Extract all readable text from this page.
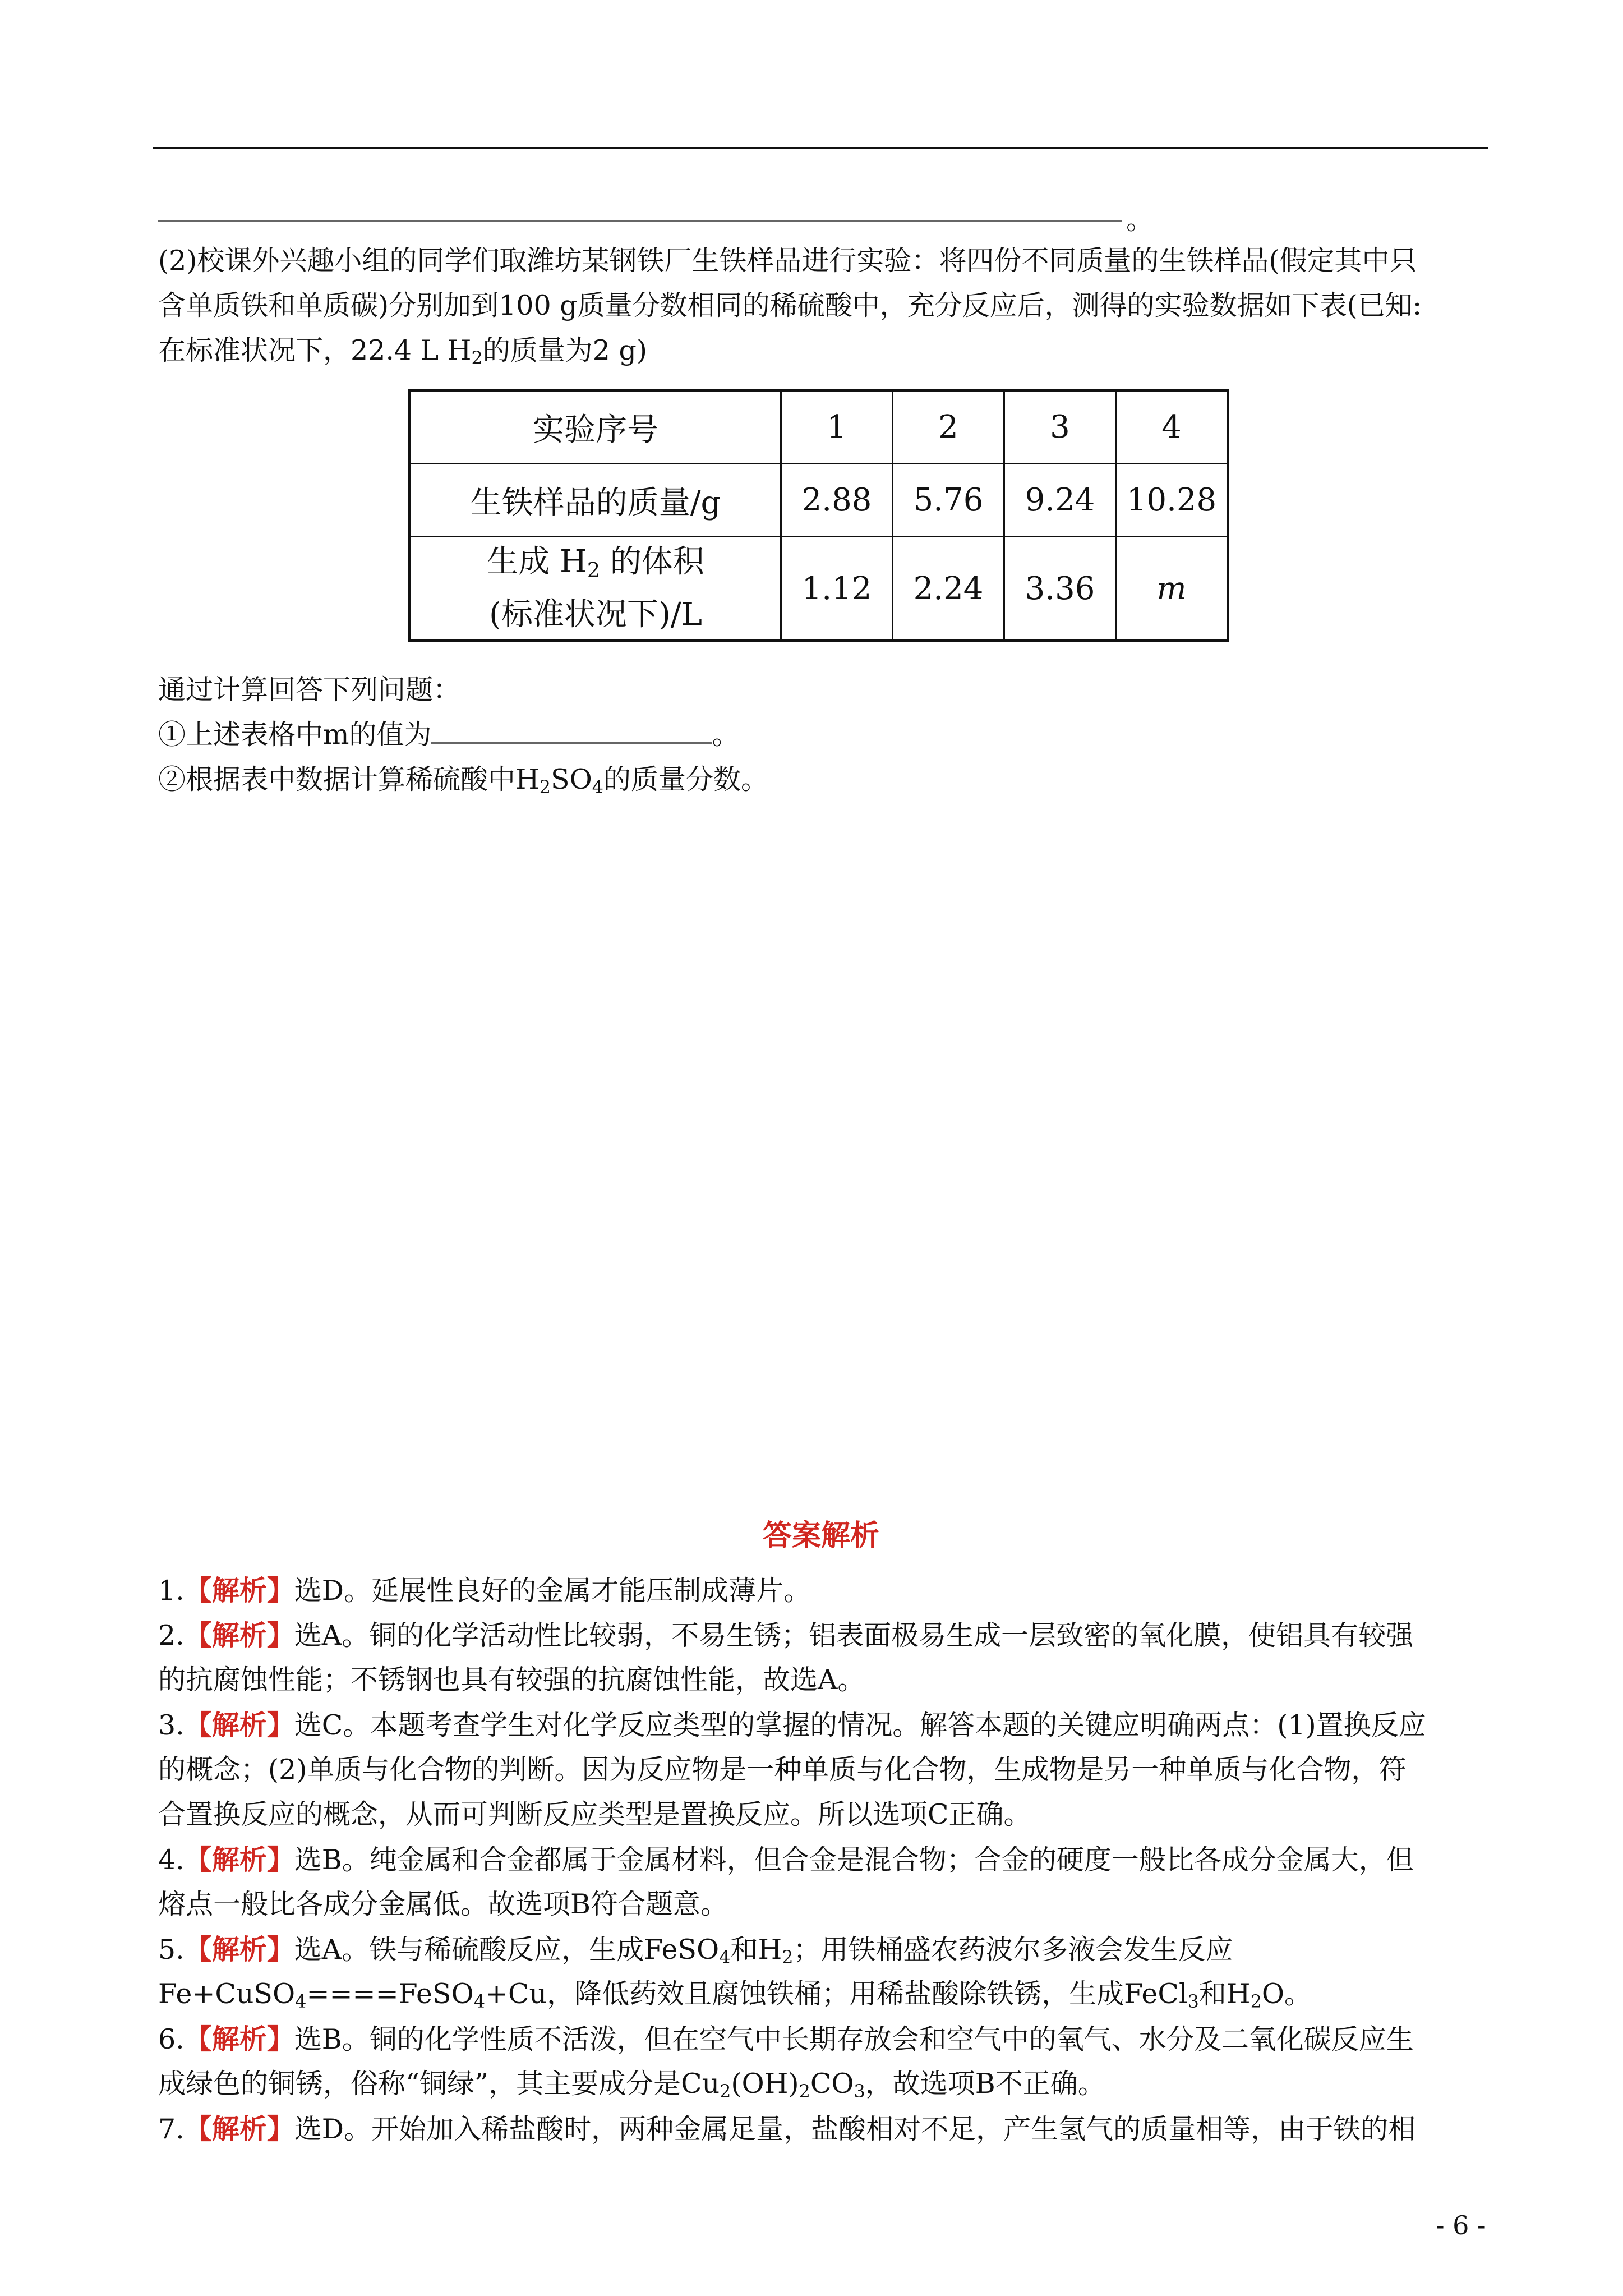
。
(2)校课外兴趣小组的同学们取潍坊某钢铁厂生铁样品进行实验：将四份不同质量的生铁样品(假定其中只
含单质铁和单质碳)分别加到100 g质量分数相同的稀硫酸中，充分反应后，测得的实验数据如下表(已知:
在标准状况下，22.4 L $H_2$的质量为2 g)
实验序号	1	2	3	4
生铁样品的质量/g	2.88	5.76	9.24	10.28
生成 $H_2$ 的体积
(标准状况下)/L	1.12	2.24	3.36	m
通过计算回答下列问题：
①上述表格中m的值为	。
②根据表中数据计算稀硫酸中$H_2SO_4$的质量分数。
答案解析
1.【解析】选D。延展性良好的金属才能压制成薄片。
2.【解析】选A。铜的化学活动性比较弱，不易生锈；铝表面极易生成一层致密的氧化膜，使铝具有较强
的抗腐蚀性能；不锈钢也具有较强的抗腐蚀性能，故选A。
3.【解析】选C。本题考查学生对化学反应类型的掌握的情况。解答本题的关键应明确两点：(1)置换反应
的概念；(2)单质与化合物的判断。因为反应物是一种单质与化合物，生成物是另一种单质与化合物，符
合置换反应的概念，从而可判断反应类型是置换反应。所以选项C正确。
4.【解析】选B。纯金属和合金都属于金属材料，但合金是混合物；合金的硬度一般比各成分金属大，但
熔点一般比各成分金属低。故选项B符合题意。
5.【解析】选A。铁与稀硫酸反应，生成FeSO$_4$和$H_2$；用铁桶盛农药波尔多液会发生反应
Fe+CuSO$_4$====FeSO$_4$+Cu，降低药效且腐蚀铁桶；用稀盐酸除铁锈，生成FeCl$_3$和$H_2O$。
6.【解析】选B。铜的化学性质不活泼，但在空气中长期存放会和空气中的氧气、水分及二氧化碳反应生
成绿色的铜锈，俗称“铜绿”，其主要成分是$Cu_2(OH)_2CO_3$，故选项B不正确。
7.【解析】选D。开始加入稀盐酸时，两种金属足量，盐酸相对不足，产生氢气的质量相等，由于铁的相
- 6 -
